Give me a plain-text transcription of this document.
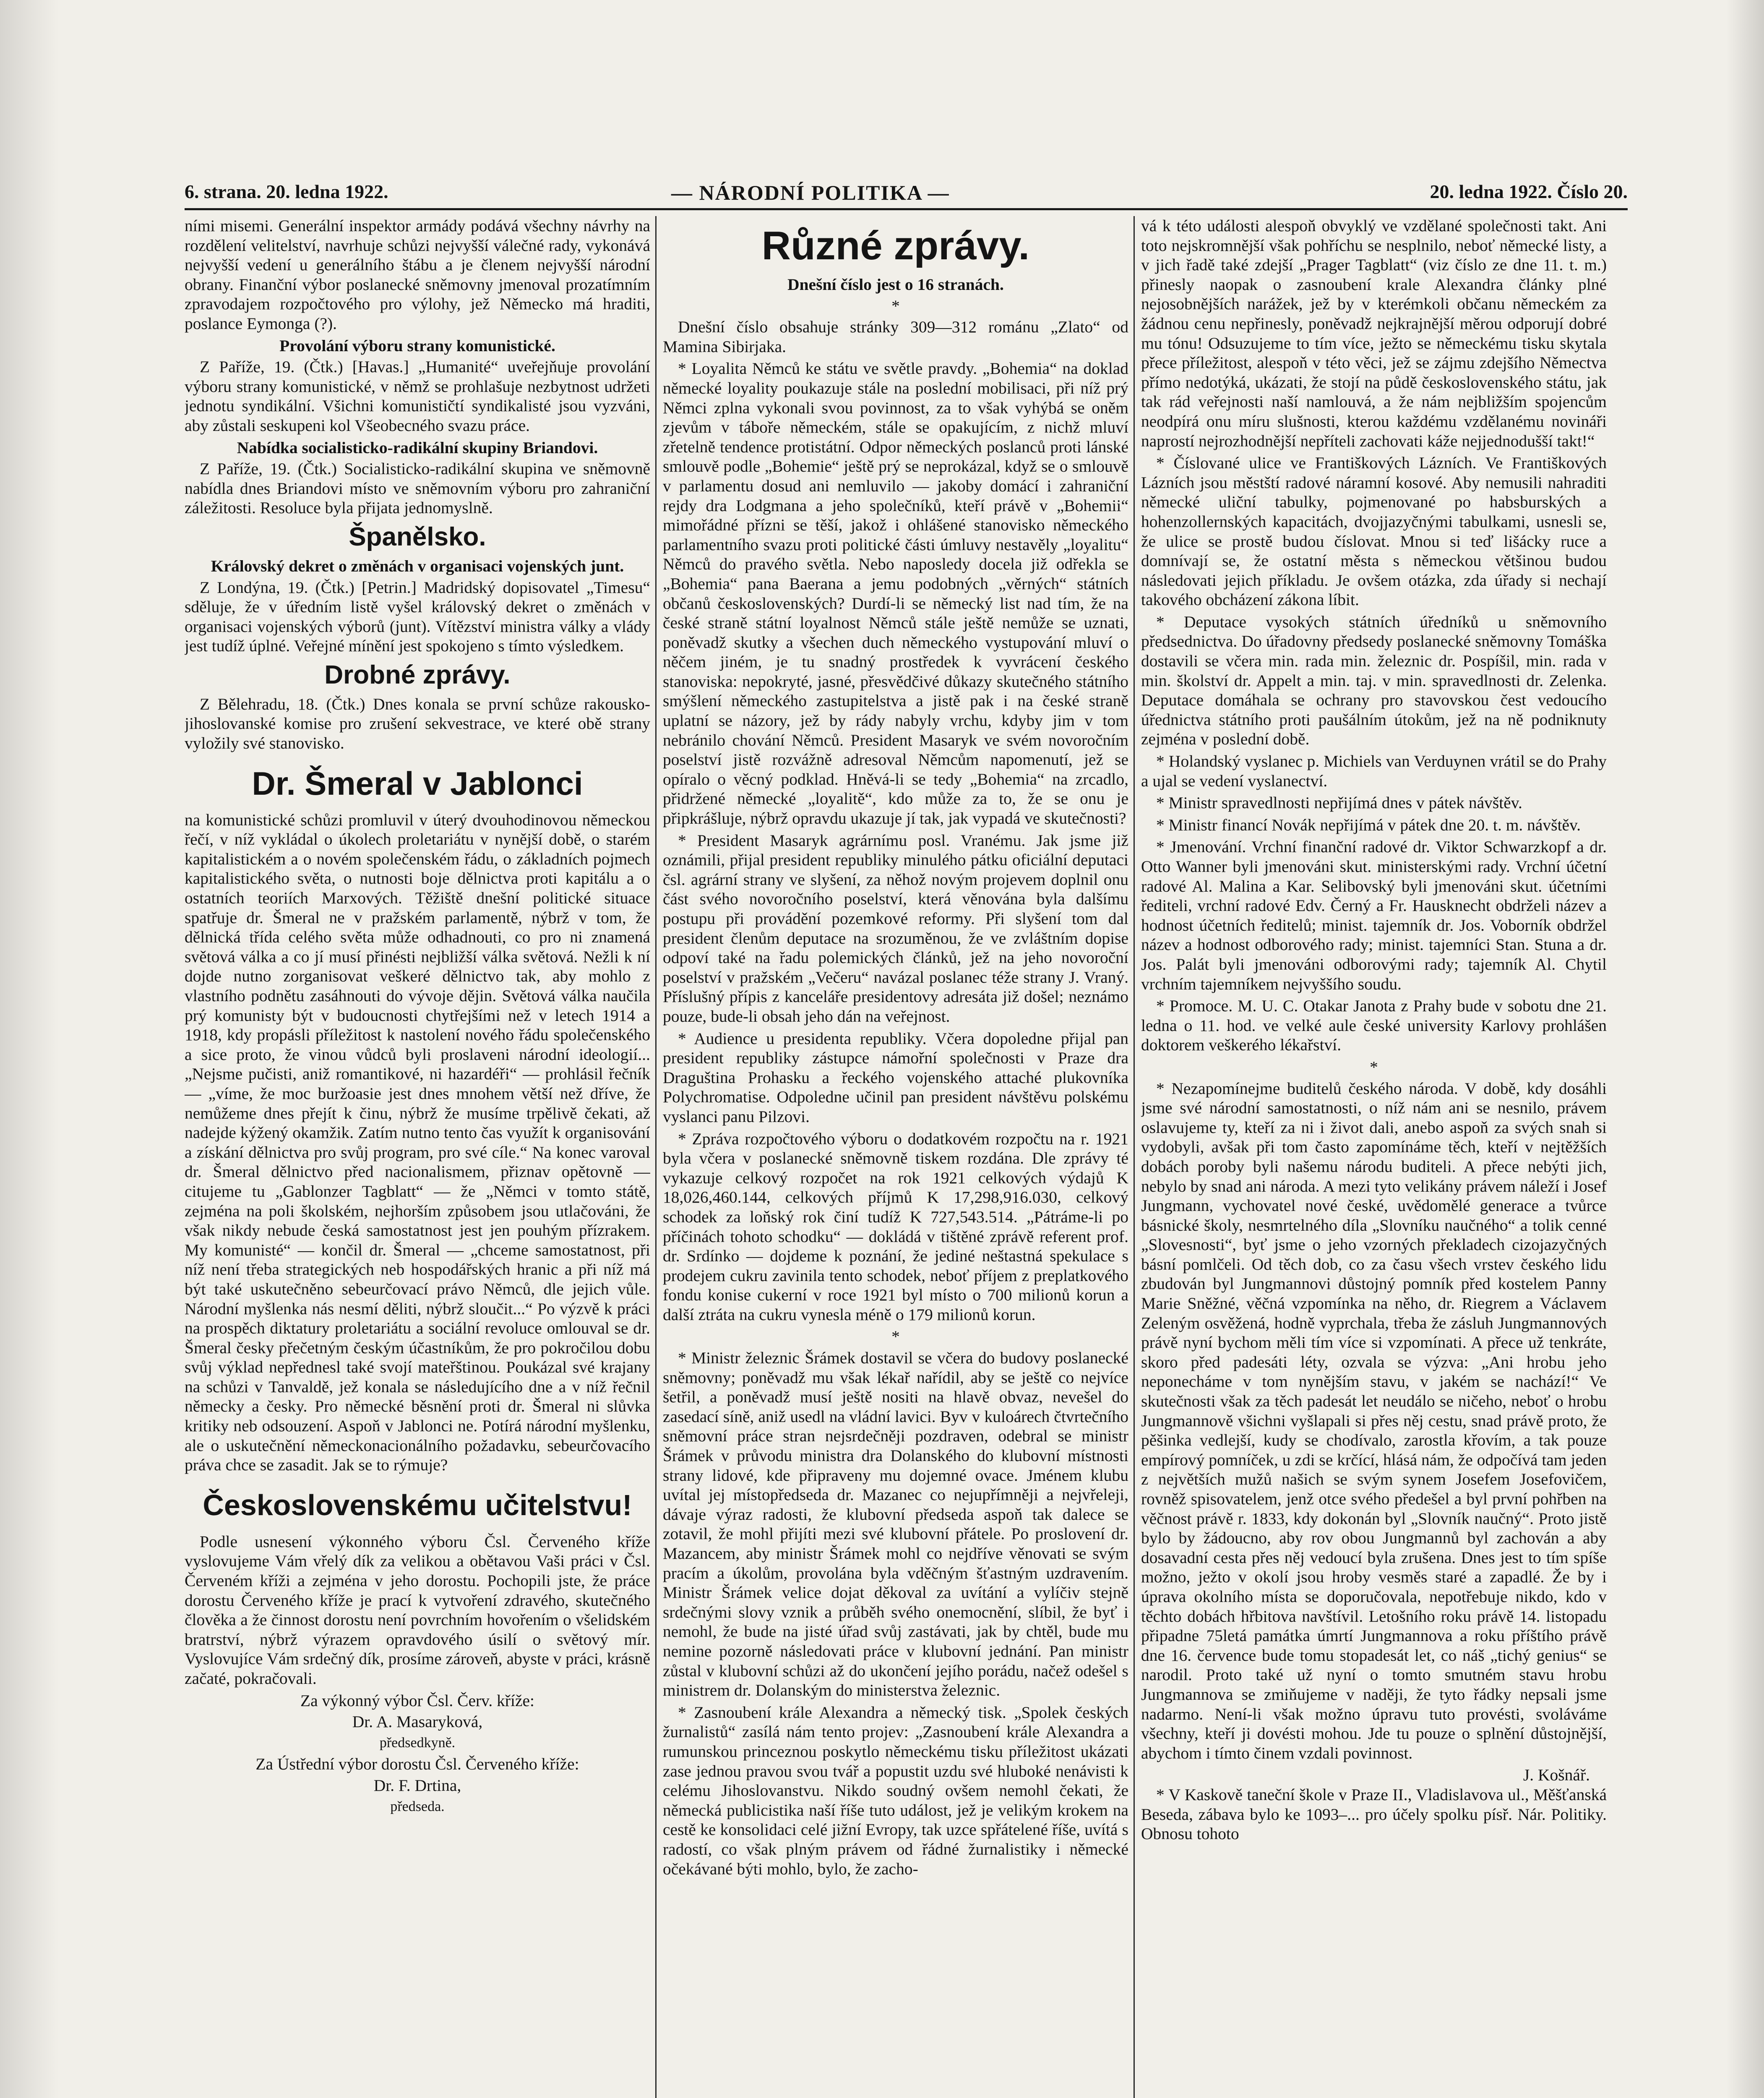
6. strana. 20. ledna 1922.	— NÁRODNÍ POLITIKA —	20. ledna 1922. Číslo 20.

ními misemi. Generální inspektor armády podává všechny návrhy na rozdělení velitelství, navrhuje schůzi nejvyšší válečné rady, vykonává nejvyšší vedení u generálního štábu a je členem nejvyšší národní obrany. Finanční výbor poslanecké sněmovny jmenoval prozatímním zpravodajem rozpočtového pro výlohy, jež Německo má hraditi, poslance Eymonga (?).

Provolání výboru strany komunistické.

Z Paříže, 19. (Čtk.) [Havas.] „Humanité“ uveřejňuje provolání výboru strany komunistické, v němž se prohlašuje nezbytnost udržeti jednotu syndikální. Všichni komunističtí syndikalisté jsou vyzváni, aby zůstali seskupeni kol Všeobecného svazu práce.

Nabídka socialisticko-radikální skupiny Briandovi.

Z Paříže, 19. (Čtk.) Socialisticko-radikální skupina ve sněmovně nabídla dnes Briandovi místo ve sněmovním výboru pro zahraniční záležitosti. Resoluce byla přijata jednomyslně.

Španělsko.
Královský dekret o změnách v organisaci vojenských junt.

Z Londýna, 19. (Čtk.) [Petrin.] Madridský dopisovatel „Timesu“ sděluje, že v úředním listě vyšel královský dekret o změnách v organisaci vojenských výborů (junt). Vítězství ministra války a vlády jest tudíž úplné. Veřejné mínění jest spokojeno s tímto výsledkem.

Drobné zprávy.

Z Bělehradu, 18. (Čtk.) Dnes konala se první schůze rakousko-jihoslovanské komise pro zrušení sekvestrace, ve které obě strany vyložily své stanovisko.

Dr. Šmeral v Jablonci

na komunistické schůzi promluvil v úterý dvouhodinovou německou řečí, v níž vykládal o úkolech proletariátu v nynější době, o starém kapitalistickém a o novém společenském řádu, o základních pojmech kapitalistického světa, o nutnosti boje dělnictva proti kapitálu a o ostatních teoriích Marxových. Těžiště dnešní politické situace spatřuje dr. Šmeral ne v pražském parlamentě, nýbrž v tom, že dělnická třída celého světa může odhadnouti, co pro ni znamená světová válka a co jí musí přinésti nejbližší válka světová. Nežli k ní dojde nutno zorganisovat veškeré dělnictvo tak, aby mohlo z vlastního podnětu zasáhnouti do vývoje dějin. Světová válka naučila prý komunisty být v budoucnosti chytřejšími než v letech 1914 a 1918, kdy propásli příležitost k nastolení nového řádu společenského a sice proto, že vinou vůdců byli proslaveni národní ideologií... „Nejsme pučisti, aniž romantikové, ni hazardéři“ — prohlásil řečník — „víme, že moc buržoasie jest dnes mnohem větší než dříve, že nemůžeme dnes přejít k činu, nýbrž že musíme trpělivě čekati, až nadejde kýžený okamžik. Zatím nutno tento čas využít k organisování a získání dělnictva pro svůj program, pro své cíle.“ Na konec varoval dr. Šmeral dělnictvo před nacionalismem, přiznav opětovně — citujeme tu „Gablonzer Tagblatt“ — že „Němci v tomto státě, zejména na poli školském, nejhorším způsobem jsou utlačováni, že však nikdy nebude česká samostatnost jest jen pouhým přízrakem. My komunisté“ — končil dr. Šmeral — „chceme samostatnost, při níž není třeba strategických neb hospodářských hranic a při níž má být také uskutečněno sebeurčovací právo Němců, dle jejich vůle. Národní myšlenka nás nesmí děliti, nýbrž sloučit...“ Po výzvě k práci na prospěch diktatury proletariátu a sociální revoluce omlouval se dr. Šmeral česky přečetným českým účastníkům, že pro pokročilou dobu svůj výklad nepřednesl také svojí mateřštinou. Poukázal své krajany na schůzi v Tanvaldě, jež konala se následujícího dne a v níž řečnil německy a česky. Pro německé běsnění proti dr. Šmeral ni slůvka kritiky neb odsouzení. Aspoň v Jablonci ne. Potírá národní myšlenku, ale o uskutečnění německonacionálního požadavku, sebeurčovacího práva chce se zasadit. Jak se to rýmuje?

Československému učitelstvu!

Podle usnesení výkonného výboru Čsl. Červeného kříže vyslovujeme Vám vřelý dík za velikou a obětavou Vaši práci v Čsl. Červeném kříži a zejména v jeho dorostu. Pochopili jste, že práce dorostu Červeného kříže je prací k vytvoření zdravého, skutečného člověka a že činnost dorostu není povrchním hovořením o všelidském bratrství, nýbrž výrazem opravdového úsilí o světový mír. Vyslovujíce Vám srdečný dík, prosíme zároveň, abyste v práci, krásně začaté, pokračovali.

Za výkonný výbor Čsl. Červ. kříže:
Dr. A. Masaryková,
předsedkyně.
Za Ústřední výbor dorostu Čsl. Červeného kříže:
Dr. F. Drtina,
předseda.
Různé zprávy.
Dnešní číslo jest o 16 stranách.
*

Dnešní číslo obsahuje stránky 309—312 románu „Zlato“ od Mamina Sibirjaka.

* Loyalita Němců ke státu ve světle pravdy. „Bohemia“ na doklad německé loyality poukazuje stále na poslední mobilisaci, při níž prý Němci zplna vykonali svou povinnost, za to však vyhýbá se oněm zjevům v táboře německém, stále se opakujícím, z nichž mluví zřetelně tendence protistátní. Odpor německých poslanců proti lánské smlouvě podle „Bohemie“ ještě prý se neprokázal, když se o smlouvě v parlamentu dosud ani nemluvilo — jakoby domácí i zahraniční rejdy dra Lodgmana a jeho společníků, kteří právě v „Bohemii“ mimořádné přízni se těší, jakož i ohlášené stanovisko německého parlamentního svazu proti politické části úmluvy nestavěly „loyalitu“ Němců do pravého světla. Nebo naposledy docela již odřekla se „Bohemia“ pana Baerana a jemu podobných „věrných“ státních občanů československých? Durdí-li se německý list nad tím, že na české straně státní loyalnost Němců stále ještě nemůže se uznati, poněvadž skutky a všechen duch německého vystupování mluví o něčem jiném, je tu snadný prostředek k vyvrácení českého stanoviska: nepokryté, jasné, přesvědčivé důkazy skutečného státního smýšlení německého zastupitelstva a jistě pak i na české straně uplatní se názory, jež by rády nabyly vrchu, kdyby jim v tom nebránilo chování Němců. President Masaryk ve svém novoročním poselství jistě rozvážně adresoval Němcům napomenutí, jež se opíralo o věcný podklad. Hněvá-li se tedy „Bohemia“ na zrcadlo, přidržené německé „loyalitě“, kdo může za to, že se onu je připkrášluje, nýbrž opravdu ukazuje jí tak, jak vypadá ve skutečnosti?

* President Masaryk agrárnímu posl. Vranému. Jak jsme již oznámili, přijal president republiky minulého pátku oficiální deputaci čsl. agrární strany ve slyšení, za něhož novým projevem doplnil onu část svého novoročního poselství, která věnována byla dalšímu postupu při provádění pozemkové reformy. Při slyšení tom dal president členům deputace na srozuměnou, že ve zvláštním dopise odpoví také na řadu polemických článků, jež na jeho novoroční poselství v pražském „Večeru“ navázal poslanec téže strany J. Vraný. Příslušný přípis z kanceláře presidentovy adresáta již došel; neznámo pouze, bude-li obsah jeho dán na veřejnost.

* Audience u presidenta republiky. Včera dopoledne přijal pan president republiky zástupce námořní společnosti v Praze dra Draguština Prohasku a řeckého vojenského attaché plukovníka Polychromatise. Odpoledne učinil pan president návštěvu polskému vyslanci panu Pilzovi.

* Zpráva rozpočtového výboru o dodatkovém rozpočtu na r. 1921 byla včera v poslanecké sněmovně tiskem rozdána. Dle zprávy té vykazuje celkový rozpočet na rok 1921 celkových výdajů K 18,026,460.144, celkových příjmů K 17,298,916.030, celkový schodek za loňský rok činí tudíž K 727,543.514. „Pátráme-li po příčinách tohoto schodku“ — dokládá v tištěné zprávě referent prof. dr. Srdínko — dojdeme k poznání, že jediné neštastná spekulace s prodejem cukru zavinila tento schodek, neboť příjem z preplatkového fondu konise cukerní v roce 1921 byl místo o 700 milionů korun a další ztráta na cukru vynesla méně o 179 milionů korun.

*

* Ministr železnic Šrámek dostavil se včera do budovy poslanecké sněmovny; poněvadž mu však lékař nařídil, aby se ještě co nejvíce šetřil, a poněvadž musí ještě nositi na hlavě obvaz, nevešel do zasedací síně, aniž usedl na vládní lavici. Byv v kuloárech čtvrtečního sněmovní práce stran nejsrdečněji pozdraven, odebral se ministr Šrámek v průvodu ministra dra Dolanského do klubovní místnosti strany lidové, kde připraveny mu dojemné ovace. Jménem klubu uvítal jej místopředseda dr. Mazanec co nejupřímněji a nejvřeleji, dávaje výraz radosti, že klubovní předseda aspoň tak dalece se zotavil, že mohl přijíti mezi své klubovní přátele. Po proslovení dr. Mazancem, aby ministr Šrámek mohl co nejdříve věnovati se svým pracím a úkolům, provolána byla vděčným šťastným uzdravením. Ministr Šrámek velice dojat děkoval za uvítání a vylíčiv stejně srdečnými slovy vznik a průběh svého onemocnění, slíbil, že byť i nemohl, že bude na jisté úřad svůj zastávati, jak by chtěl, bude mu nemine pozorně následovati práce v klubovní jednání. Pan ministr zůstal v klubovní schůzi až do ukončení jejího porádu, načež odešel s ministrem dr. Dolanským do ministerstva železnic.

* Zasnoubení krále Alexandra a německý tisk. „Spolek českých žurnalistů“ zasílá nám tento projev: „Zasnoubení krále Alexandra a rumunskou princeznou poskytlo německému tisku příležitost ukázati zase jednou pravou svou tvář a popustit uzdu své hluboké nenávisti k celému Jihoslovanstvu. Nikdo soudný ovšem nemohl čekati, že německá publicistika naší říše tuto událost, jež je velikým krokem na cestě ke konsolidaci celé jižní Evropy, tak uzce spřátelené říše, uvítá s radostí, co však plným právem od řádné žurnalistiky i německé očekávané býti mohlo, bylo, že zacho-

vá k této události alespoň obvyklý ve vzdělané společnosti takt. Ani toto nejskromnější však pohříchu se nesplnilo, neboť německé listy, a v jich řadě také zdejší „Prager Tagblatt“ (viz číslo ze dne 11. t. m.) přinesly naopak o zasnoubení krale Alexandra články plné nejosobnějších narážek, jež by v kterémkoli občanu německém za žádnou cenu nepřinesly, poněvadž nejkrajnější měrou odporují dobré mu tónu! Odsuzujeme to tím více, ježto se německému tisku skytala přece příležitost, alespoň v této věci, jež se zájmu zdejšího Němectva přímo nedotýká, ukázati, že stojí na půdě československého státu, jak tak rád veřejnosti naší namlouvá, a že nám nejbližším spojencům neodpírá onu míru slušnosti, kterou každému vzdělanému novináři naprostí nejrozhodnější nepříteli zachovati káže nejjednodušší takt!“

* Číslované ulice ve Františkových Lázních. Ve Františkových Lázních jsou městští radové náramní kosové. Aby nemusili nahraditi německé uliční tabulky, pojmenované po habsburských a hohenzollernských kapacitách, dvojjazyčnými tabulkami, usnesli se, že ulice se prostě budou číslovat. Mnou si teď lišácky ruce a domnívají se, že ostatní města s německou většinou budou následovati jejich příkladu. Je ovšem otázka, zda úřady si nechají takového obcházení zákona líbit.

* Deputace vysokých státních úředníků u sněmovního předsednictva. Do úřadovny předsedy poslanecké sněmovny Tomáška dostavili se včera min. rada min. železnic dr. Pospíšil, min. rada v min. školství dr. Appelt a min. taj. v min. spravedlnosti dr. Zelenka. Deputace domáhala se ochrany pro stavovskou čest vedoucího úřednictva státního proti paušálním útokům, jež na ně podniknuty zejména v poslední době.

* Holandský vyslanec p. Michiels van Verduynen vrátil se do Prahy a ujal se vedení vyslanectví.

* Ministr spravedlnosti nepřijímá dnes v pátek návštěv.

* Ministr financí Novák nepřijímá v pátek dne 20. t. m. návštěv.

* Jmenování. Vrchní finanční radové dr. Viktor Schwarzkopf a dr. Otto Wanner byli jmenováni skut. ministerskými rady. Vrchní účetní radové Al. Malina a Kar. Selibovský byli jmenováni skut. účetními řediteli, vrchní radové Edv. Černý a Fr. Hausknecht obdrželi název a hodnost účetních ředitelů; minist. tajemník dr. Jos. Voborník obdržel název a hodnost odborového rady; minist. tajemníci Stan. Stuna a dr. Jos. Palát byli jmenováni odborovými rady; tajemník Al. Chytil vrchním tajemníkem nejvyššího soudu.

* Promoce. M. U. C. Otakar Janota z Prahy bude v sobotu dne 21. ledna o 11. hod. ve velké aule české university Karlovy prohlášen doktorem veškerého lékařství.

*

* Nezapomínejme buditelů českého národa. V době, kdy dosáhli jsme své národní samostatnosti, o níž nám ani se nesnilo, právem oslavujeme ty, kteří za ni i život dali, anebo aspoň za svých snah si vydobyli, avšak při tom často zapomínáme těch, kteří v nejtěžších dobách poroby byli našemu národu buditeli. A přece nebýti jich, nebylo by snad ani národa. A mezi tyto velikány právem náleží i Josef Jungmann, vychovatel nové české, uvědomělé generace a tvůrce básnické školy, nesmrtelného díla „Slovníku naučného“ a tolik cenné „Slovesnosti“, byť jsme o jeho vzorných překladech cizojazyčných básní pomlčeli. Od těch dob, co za času všech vrstev českého lidu zbudován byl Jungmannovi důstojný pomník před kostelem Panny Marie Sněžné, věčná vzpomínka na něho, dr. Riegrem a Václavem Zeleným osvěžená, hodně vyprchala, třeba že zásluh Jungmannových právě nyní bychom měli tím více si vzpomínati. A přece už tenkráte, skoro před padesáti léty, ozvala se výzva: „Ani hrobu jeho neponecháme v tom nynějším stavu, v jakém se nachází!“ Ve skutečnosti však za těch padesát let neudálo se ničeho, neboť o hrobu Jungmannově všichni vyšlapali si přes něj cestu, snad právě proto, že pěšinka vedlejší, kudy se chodívalo, zarostla křovím, a tak pouze empírový pomníček, u zdi se krčící, hlásá nám, že odpočívá tam jeden z největších mužů našich se svým synem Josefem Josefovičem, rovněž spisovatelem, jenž otce svého předešel a byl první pohřben na věčnost právě r. 1833, kdy dokonán byl „Slovník naučný“. Proto jistě bylo by žádoucno, aby rov obou Jungmannů byl zachován a aby dosavadní cesta přes něj vedoucí byla zrušena. Dnes jest to tím spíše možno, ježto v okolí jsou hroby vesměs staré a zapadlé. Že by i úprava okolního místa se doporučovala, nepotřebuje nikdo, kdo v těchto dobách hřbitova navštívil. Letošního roku právě 14. listopadu připadne 75letá památka úmrtí Jungmannova a roku příštího právě dne 16. července bude tomu stopadesát let, co náš „tichý genius“ se narodil. Proto také už nyní o tomto smutném stavu hrobu Jungmannova se zmiňujeme v naději, že tyto řádky nepsali jsme nadarmo. Není-li však možno úpravu tuto provésti, svoláváme všechny, kteří ji dovésti mohou. Jde tu pouze o splnění důstojnější, abychom i tímto činem vzdali povinnost.

J. Košnář.

* V Kaskově taneční škole v Praze II., Vladislavova ul., Měšťanská Beseda, zábava bylo ke 1093–... pro účely spolku písř. Nár. Politiky. Obnosu tohoto
